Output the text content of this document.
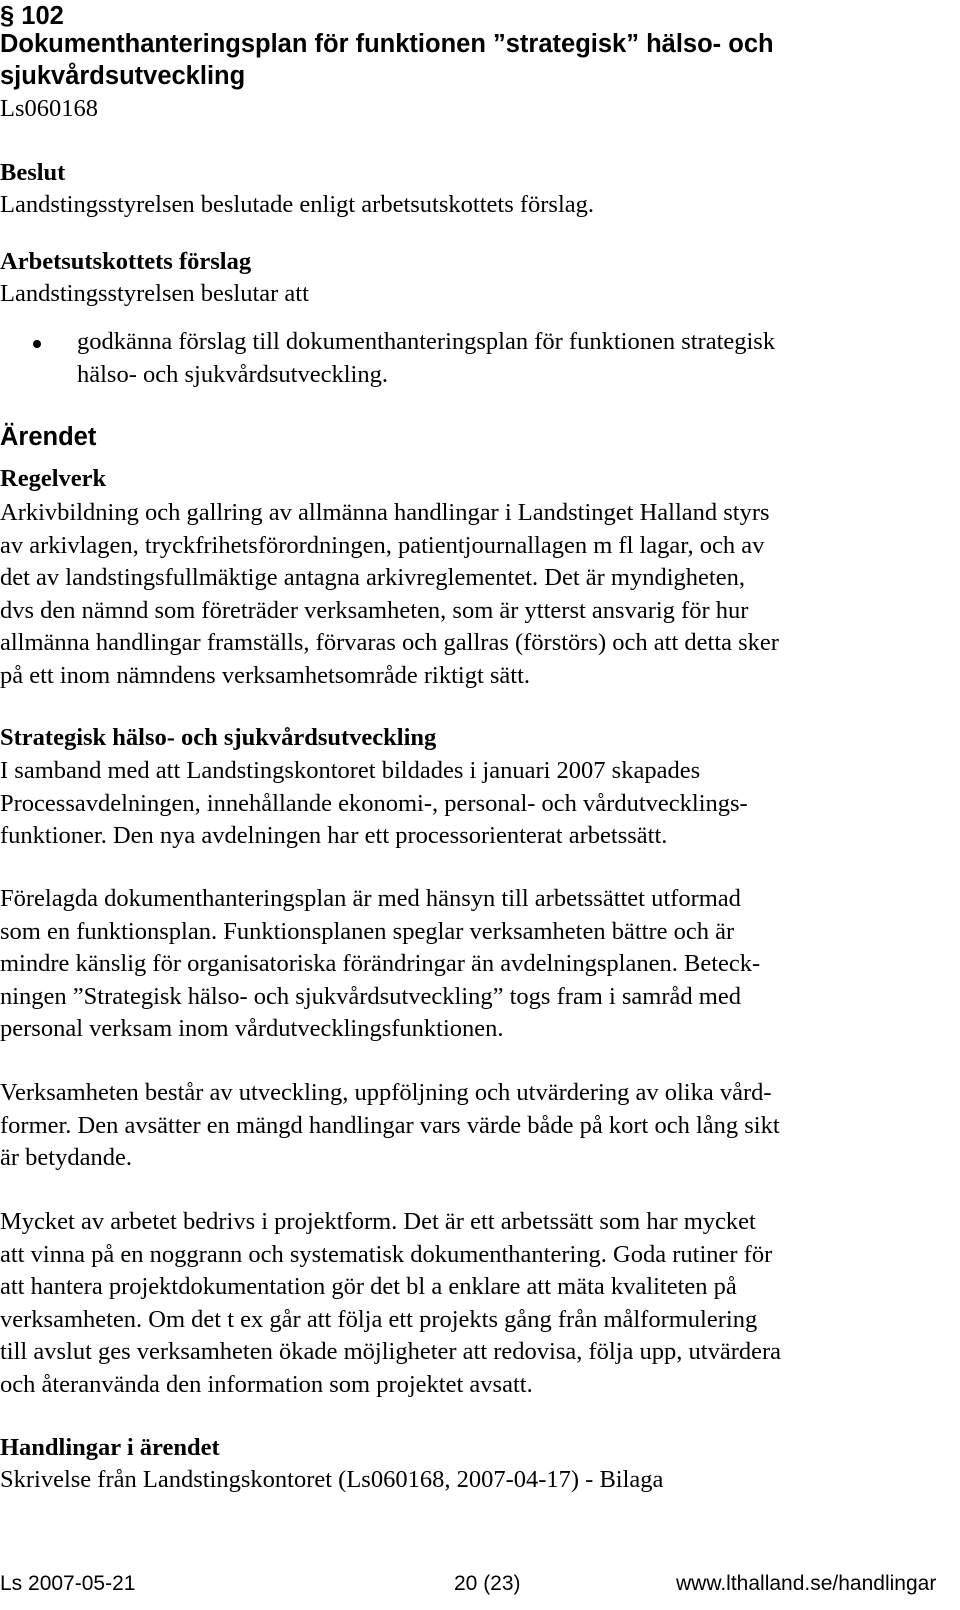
§ 102
Dokumenthanteringsplan för funktionen ”strategisk” hälso- och
sjukvårdsutveckling
Ls060168
Beslut
Landstingsstyrelsen beslutade enligt arbetsutskottets förslag.
Arbetsutskottets förslag
Landstingsstyrelsen beslutar att
godkänna förslag till dokumenthanteringsplan för funktionen strategisk
hälso- och sjukvårdsutveckling.
Ärendet
Regelverk
Arkivbildning och gallring av allmänna handlingar i Landstinget Halland styrs
av arkivlagen, tryckfrihetsförordningen, patientjournallagen m fl lagar, och av
det av landstingsfullmäktige antagna arkivreglementet. Det är myndigheten,
dvs den nämnd som företräder verksamheten, som är ytterst ansvarig för hur
allmänna handlingar framställs, förvaras och gallras (förstörs) och att detta sker
på ett inom nämndens verksamhetsområde riktigt sätt.
Strategisk hälso- och sjukvårdsutveckling
I samband med att Landstingskontoret bildades i januari 2007 skapades
Processavdelningen, innehållande ekonomi-, personal- och vårdutvecklings-
funktioner. Den nya avdelningen har ett processorienterat arbetssätt.
Förelagda dokumenthanteringsplan är med hänsyn till arbetssättet utformad
som en funktionsplan. Funktionsplanen speglar verksamheten bättre och är
mindre känslig för organisatoriska förändringar än avdelningsplanen. Beteck-
ningen ”Strategisk hälso- och sjukvårdsutveckling” togs fram i samråd med
personal verksam inom vårdutvecklingsfunktionen.
Verksamheten består av utveckling, uppföljning och utvärdering av olika vård-
former. Den avsätter en mängd handlingar vars värde både på kort och lång sikt
är betydande.
Mycket av arbetet bedrivs i projektform. Det är ett arbetssätt som har mycket
att vinna på en noggrann och systematisk dokumenthantering. Goda rutiner för
att hantera projektdokumentation gör det bl a enklare att mäta kvaliteten på
verksamheten. Om det t ex går att följa ett projekts gång från målformulering
till avslut ges verksamheten ökade möjligheter att redovisa, följa upp, utvärdera
och återanvända den information som projektet avsatt.
Handlingar i ärendet
Skrivelse från Landstingskontoret (Ls060168, 2007-04-17) - Bilaga
Ls 2007-05-21	20 (23)	www.lthalland.se/handlingar
